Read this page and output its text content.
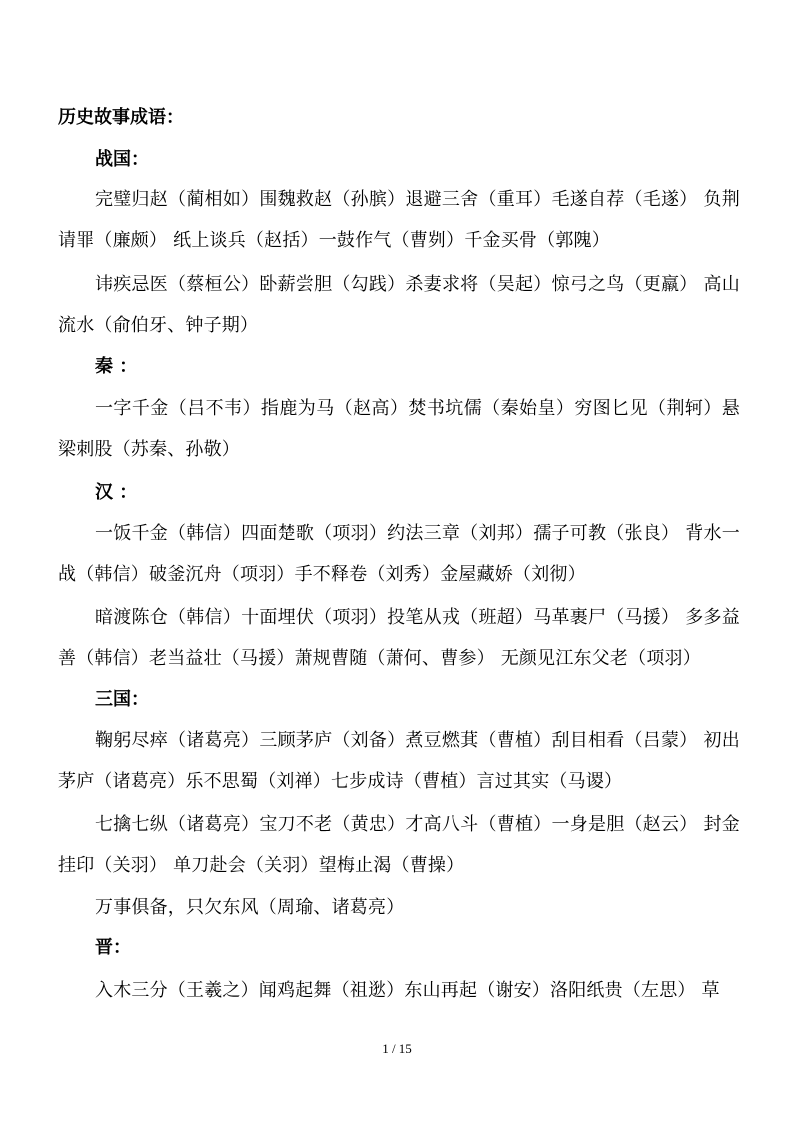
历史故事成语：
战国：

完璧归赵（蔺相如）围魏救赵（孙膑）退避三舍（重耳）毛遂自荐（毛遂） 负荆请罪（廉颇） 纸上谈兵（赵括）一鼓作气（曹刿）千金买骨（郭隗）

讳疾忌医（蔡桓公）卧薪尝胆（勾践）杀妻求将（吴起）惊弓之鸟（更羸） 高山流水（俞伯牙、钟子期）

秦 ：

一字千金（吕不韦）指鹿为马（赵高）焚书坑儒（秦始皇）穷图匕见（荆轲）悬梁刺股（苏秦、孙敬）

汉 ：

一饭千金（韩信）四面楚歌（项羽）约法三章（刘邦）孺子可教（张良） 背水一战（韩信）破釜沉舟（项羽）手不释卷（刘秀）金屋藏娇（刘彻）

暗渡陈仓（韩信）十面埋伏（项羽）投笔从戎（班超）马革裹尸（马援） 多多益善（韩信）老当益壮（马援）萧规曹随（萧何、曹参） 无颜见江东父老（项羽）

三国：

鞠躬尽瘁（诸葛亮）三顾茅庐（刘备）煮豆燃萁（曹植）刮目相看（吕蒙） 初出茅庐（诸葛亮）乐不思蜀（刘禅）七步成诗（曹植）言过其实（马谡）

七擒七纵（诸葛亮）宝刀不老（黄忠）才高八斗（曹植）一身是胆（赵云） 封金挂印（关羽） 单刀赴会（关羽）望梅止渴（曹操）

万事俱备，只欠东风（周瑜、诸葛亮）

晋：

入木三分（王羲之）闻鸡起舞（祖逖）东山再起（谢安）洛阳纸贵（左思） 草

1 / 15
